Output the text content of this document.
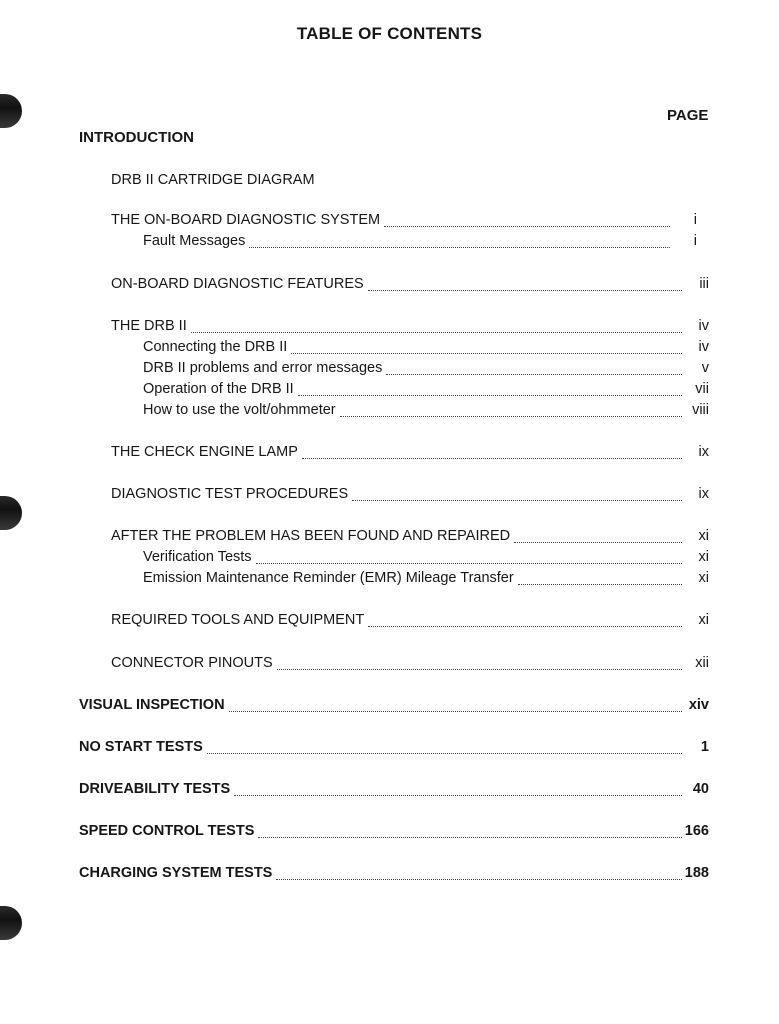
TABLE OF CONTENTS
PAGE
INTRODUCTION
DRB II CARTRIDGE DIAGRAM
THE ON-BOARD DIAGNOSTIC SYSTEM	i
Fault Messages	i
ON-BOARD DIAGNOSTIC FEATURES	iii
THE DRB II	iv
Connecting the DRB II	iv
DRB II problems and error messages	v
Operation of the DRB II	vii
How to use the volt/ohmmeter	viii
THE CHECK ENGINE LAMP	ix
DIAGNOSTIC TEST PROCEDURES	ix
AFTER THE PROBLEM HAS BEEN FOUND AND REPAIRED	xi
Verification Tests	xi
Emission Maintenance Reminder (EMR) Mileage Transfer	xi
REQUIRED TOOLS AND EQUIPMENT	xi
CONNECTOR PINOUTS	xii
VISUAL INSPECTION	xiv
NO START TESTS	1
DRIVEABILITY TESTS	40
SPEED CONTROL TESTS	166
CHARGING SYSTEM TESTS	188
